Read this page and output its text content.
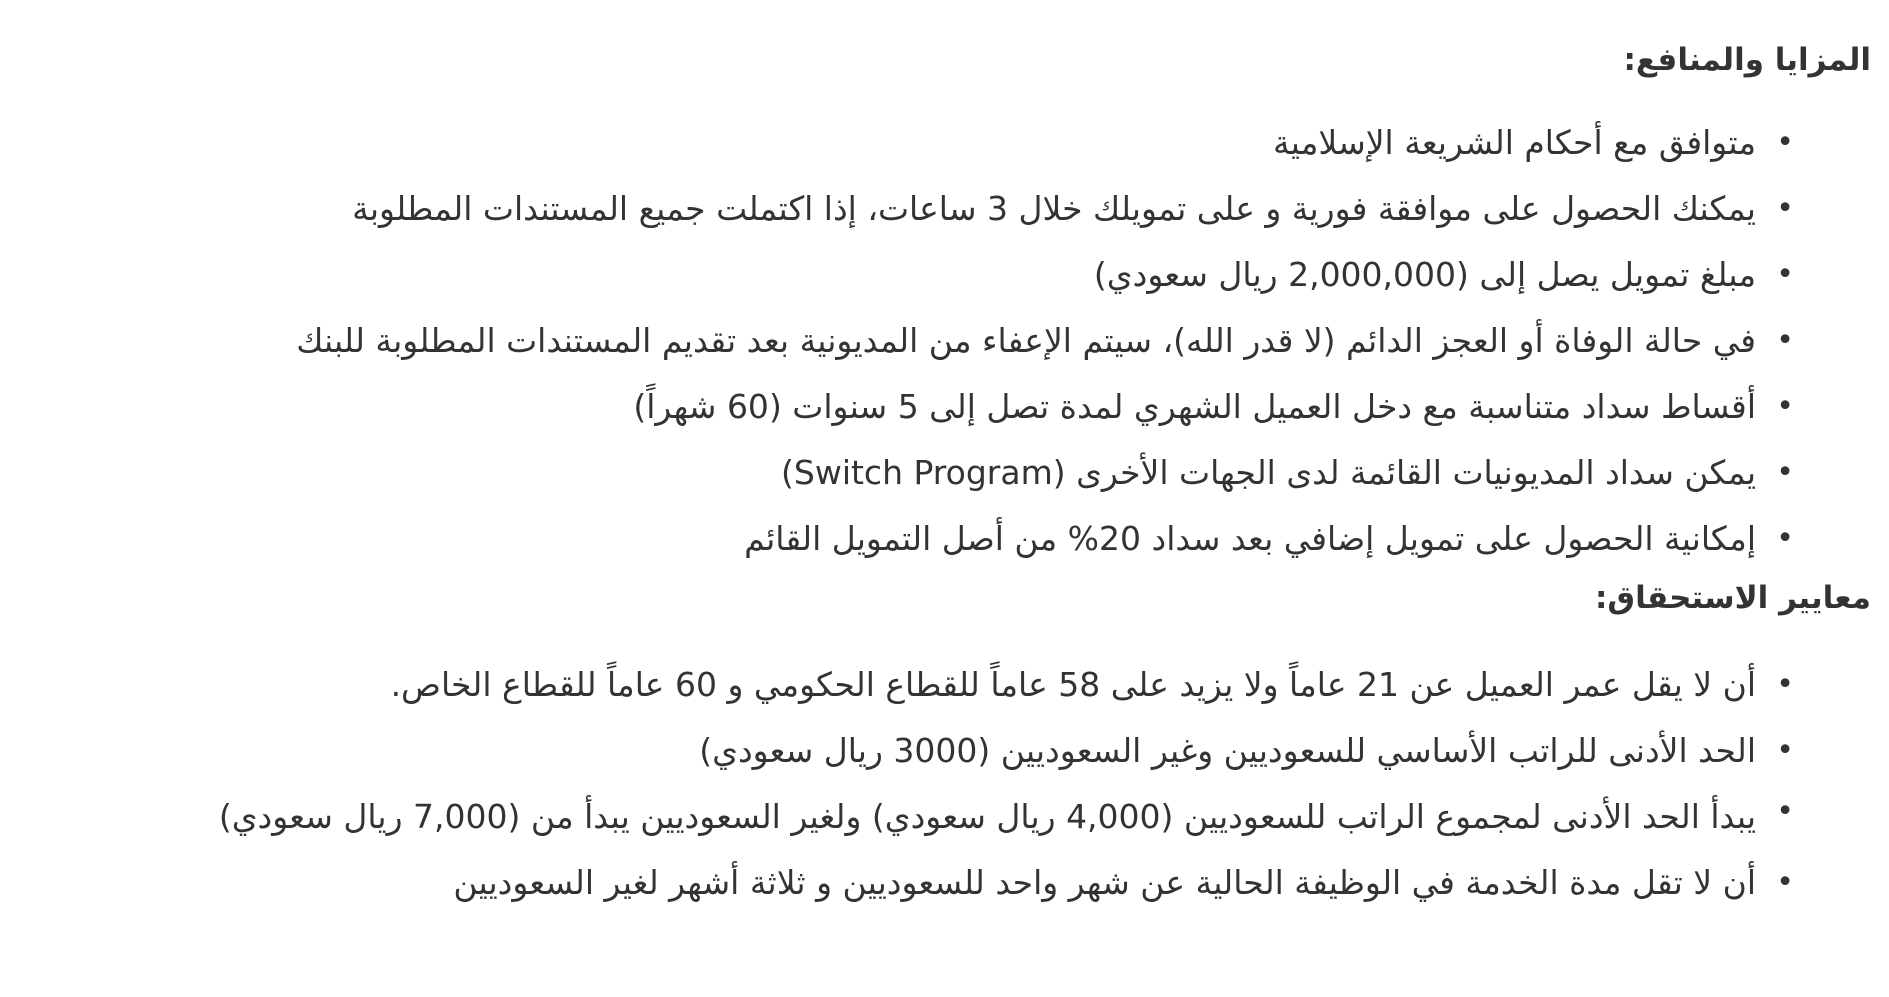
المزايا والمنافع:
•
متوافق مع أحكام الشريعة الإسلامية
•
يمكنك الحصول على موافقة فورية و على تمويلك خلال 3 ساعات، إذا اكتملت جميع المستندات المطلوبة
•
مبلغ تمويل يصل إلى (2,000,000 ريال سعودي)
•
في حالة الوفاة أو العجز الدائم (لا قدر الله)، سيتم الإعفاء من المديونية بعد تقديم المستندات المطلوبة للبنك
•
أقساط سداد متناسبة مع دخل العميل الشهري لمدة تصل إلى 5 سنوات (60 شهراً)
•
يمكن سداد المديونيات القائمة لدى الجهات الأخرى (Switch Program)
•
إمكانية الحصول على تمويل إضافي بعد سداد 20% من أصل التمويل القائم
معايير الاستحقاق:
•
أن لا يقل عمر العميل عن 21 عاماً ولا يزيد على 58 عاماً للقطاع الحكومي و 60 عاماً للقطاع الخاص.
•
الحد الأدنى للراتب الأساسي للسعوديين وغير السعوديين (3000 ريال سعودي)
•
يبدأ الحد الأدنى لمجموع الراتب للسعوديين (4,000 ريال سعودي) ولغير السعوديين يبدأ من (7,000 ريال سعودي)
•
أن لا تقل مدة الخدمة في الوظيفة الحالية عن شهر واحد للسعوديين و ثلاثة أشهر لغير السعوديين
